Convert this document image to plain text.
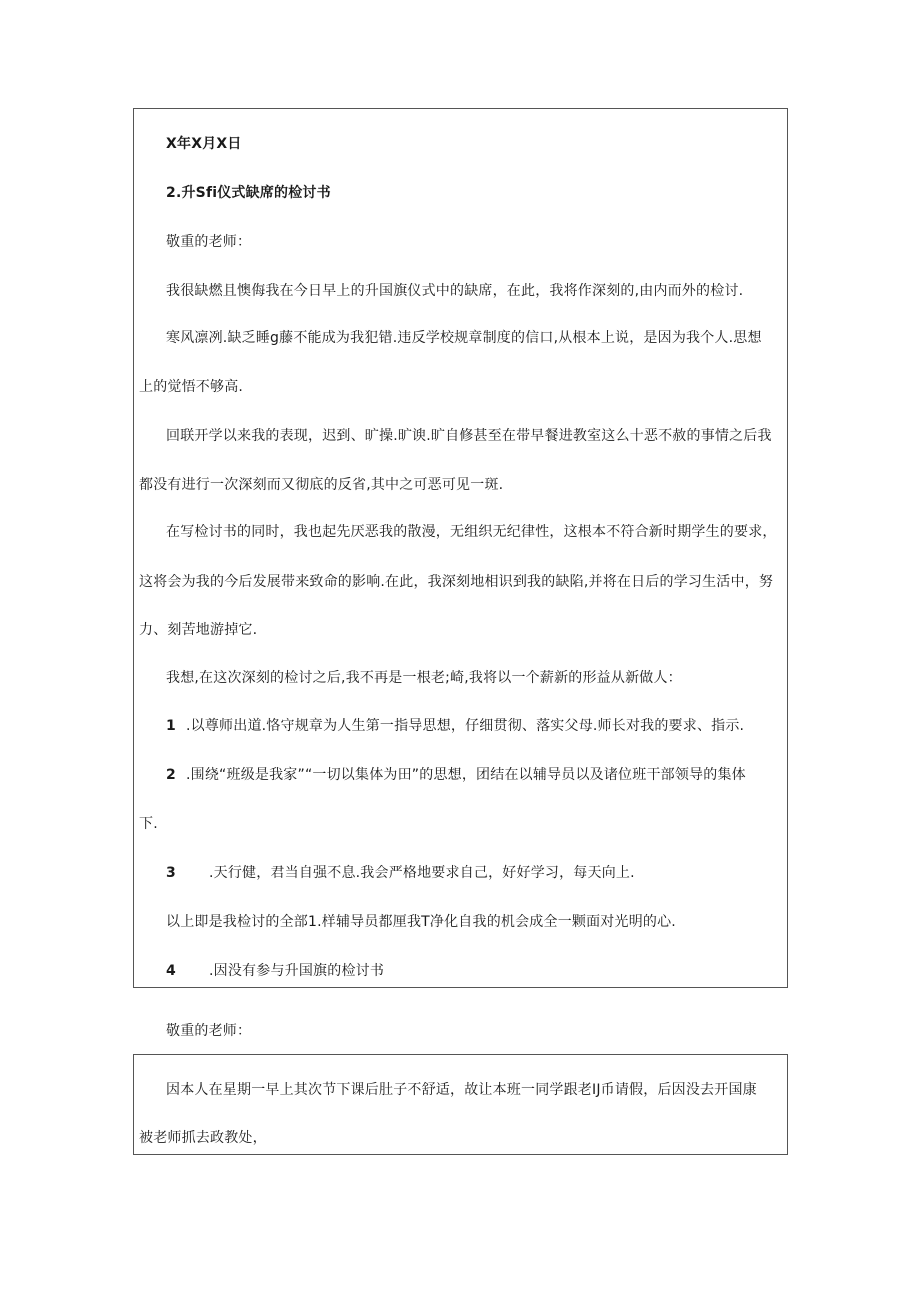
X年X月X日
2.升Sfi仪式缺席的检讨书
敬重的老师：
我很缺燃且懊侮我在今日早上的升国旗仪式中的缺席，在此，我将作深刻的,由内而外的检讨.
寒风凛冽.缺乏睡g藤不能成为我犯错.违反学校规章制度的信口,从根本上说，是因为我个人.思想
上的觉悟不够高.
回联开学以来我的表现，迟到、旷操.旷谀.旷自修甚至在带早餐进教室这么十恶不赦的事情之后我
都没有进行一次深刻而又彻底的反省,其中之可恶可见一斑.
在写检讨书的同时，我也起先厌恶我的散漫，无组织无纪律性，这根本不符合新时期学生的要求，
这将会为我的今后发展带来致命的影响.在此，我深刻地相识到我的缺陷,并将在日后的学习生活中，努
力、刻苦地游掉它.
我想,在这次深刻的检讨之后,我不再是一根老;崎,我将以一个薪新的形益从新做人：
1 .以尊师出道.恪守规章为人生第一指导思想，仔细贯彻、落实父母.师长对我的要求、指示.
2 .围绕“班级是我家”“一切以集体为田”的思想，团结在以辅导员以及诸位班干部领导的集体
下.
3 .天行健，君当自强不息.我会严格地要求自己，好好学习，每天向上.
以上即是我检讨的全部1.样辅导员都厘我T净化自我的机会成全一颗面对光明的心.
4 .因没有参与升国旗的检讨书
敬重的老师：
因本人在星期一早上其次节下课后肚子不舒适，故让本班一同学跟老IJ币请假，后因没去开国康
被老师抓去政教处，
